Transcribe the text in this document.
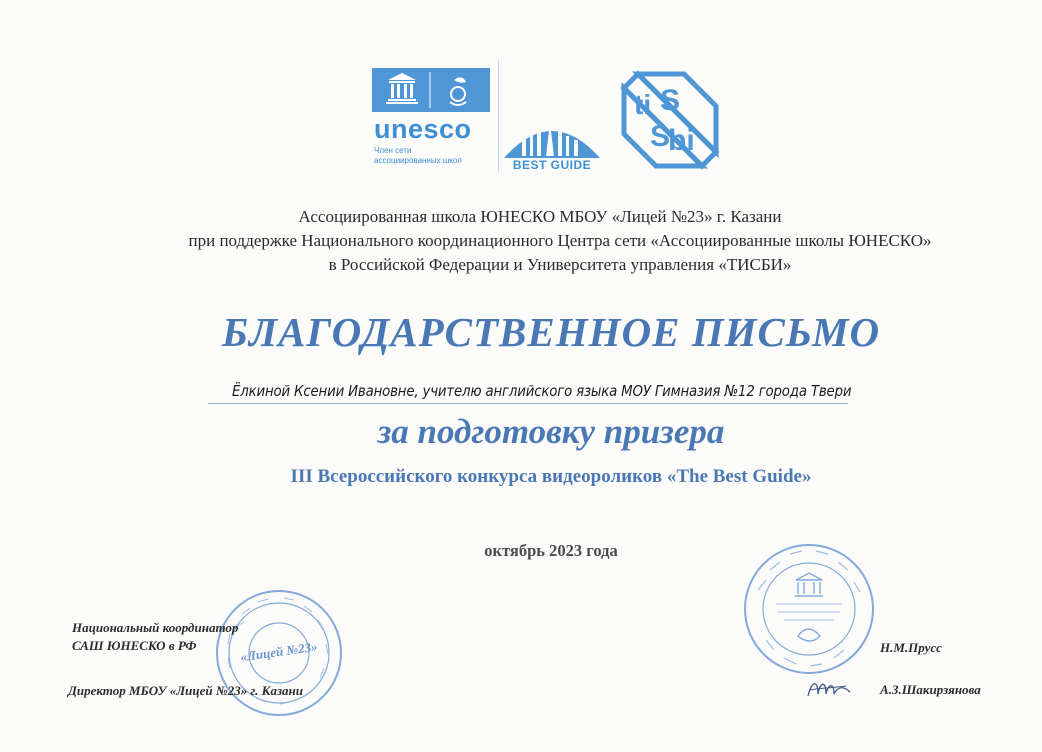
unesco
Член сети
ассоциированных школ	BEST GUIDE
ti S
bi
S
Ассоциированная школа ЮНЕСКО МБОУ «Лицей №23» г. Казани
при поддержке Национального координационного Центра сети «Ассоциированные школы ЮНЕСКО»
в Российской Федерации и Университета управления «ТИСБИ»
БЛАГОДАРСТВЕННОЕ ПИСЬМО
Ёлкиной Ксении Ивановне, учителю английского языка МОУ Гимназия №12 города Твери
за подготовку призера
III Всероссийского конкурса видеороликов «The Best Guide»
октябрь 2023 года
«Лицей №23»
Национальный координатор
САШ ЮНЕСКО в РФ
Директор МБОУ «Лицей №23» г. Казани
Н.М.Прусс
А.З.Шакирзянова
